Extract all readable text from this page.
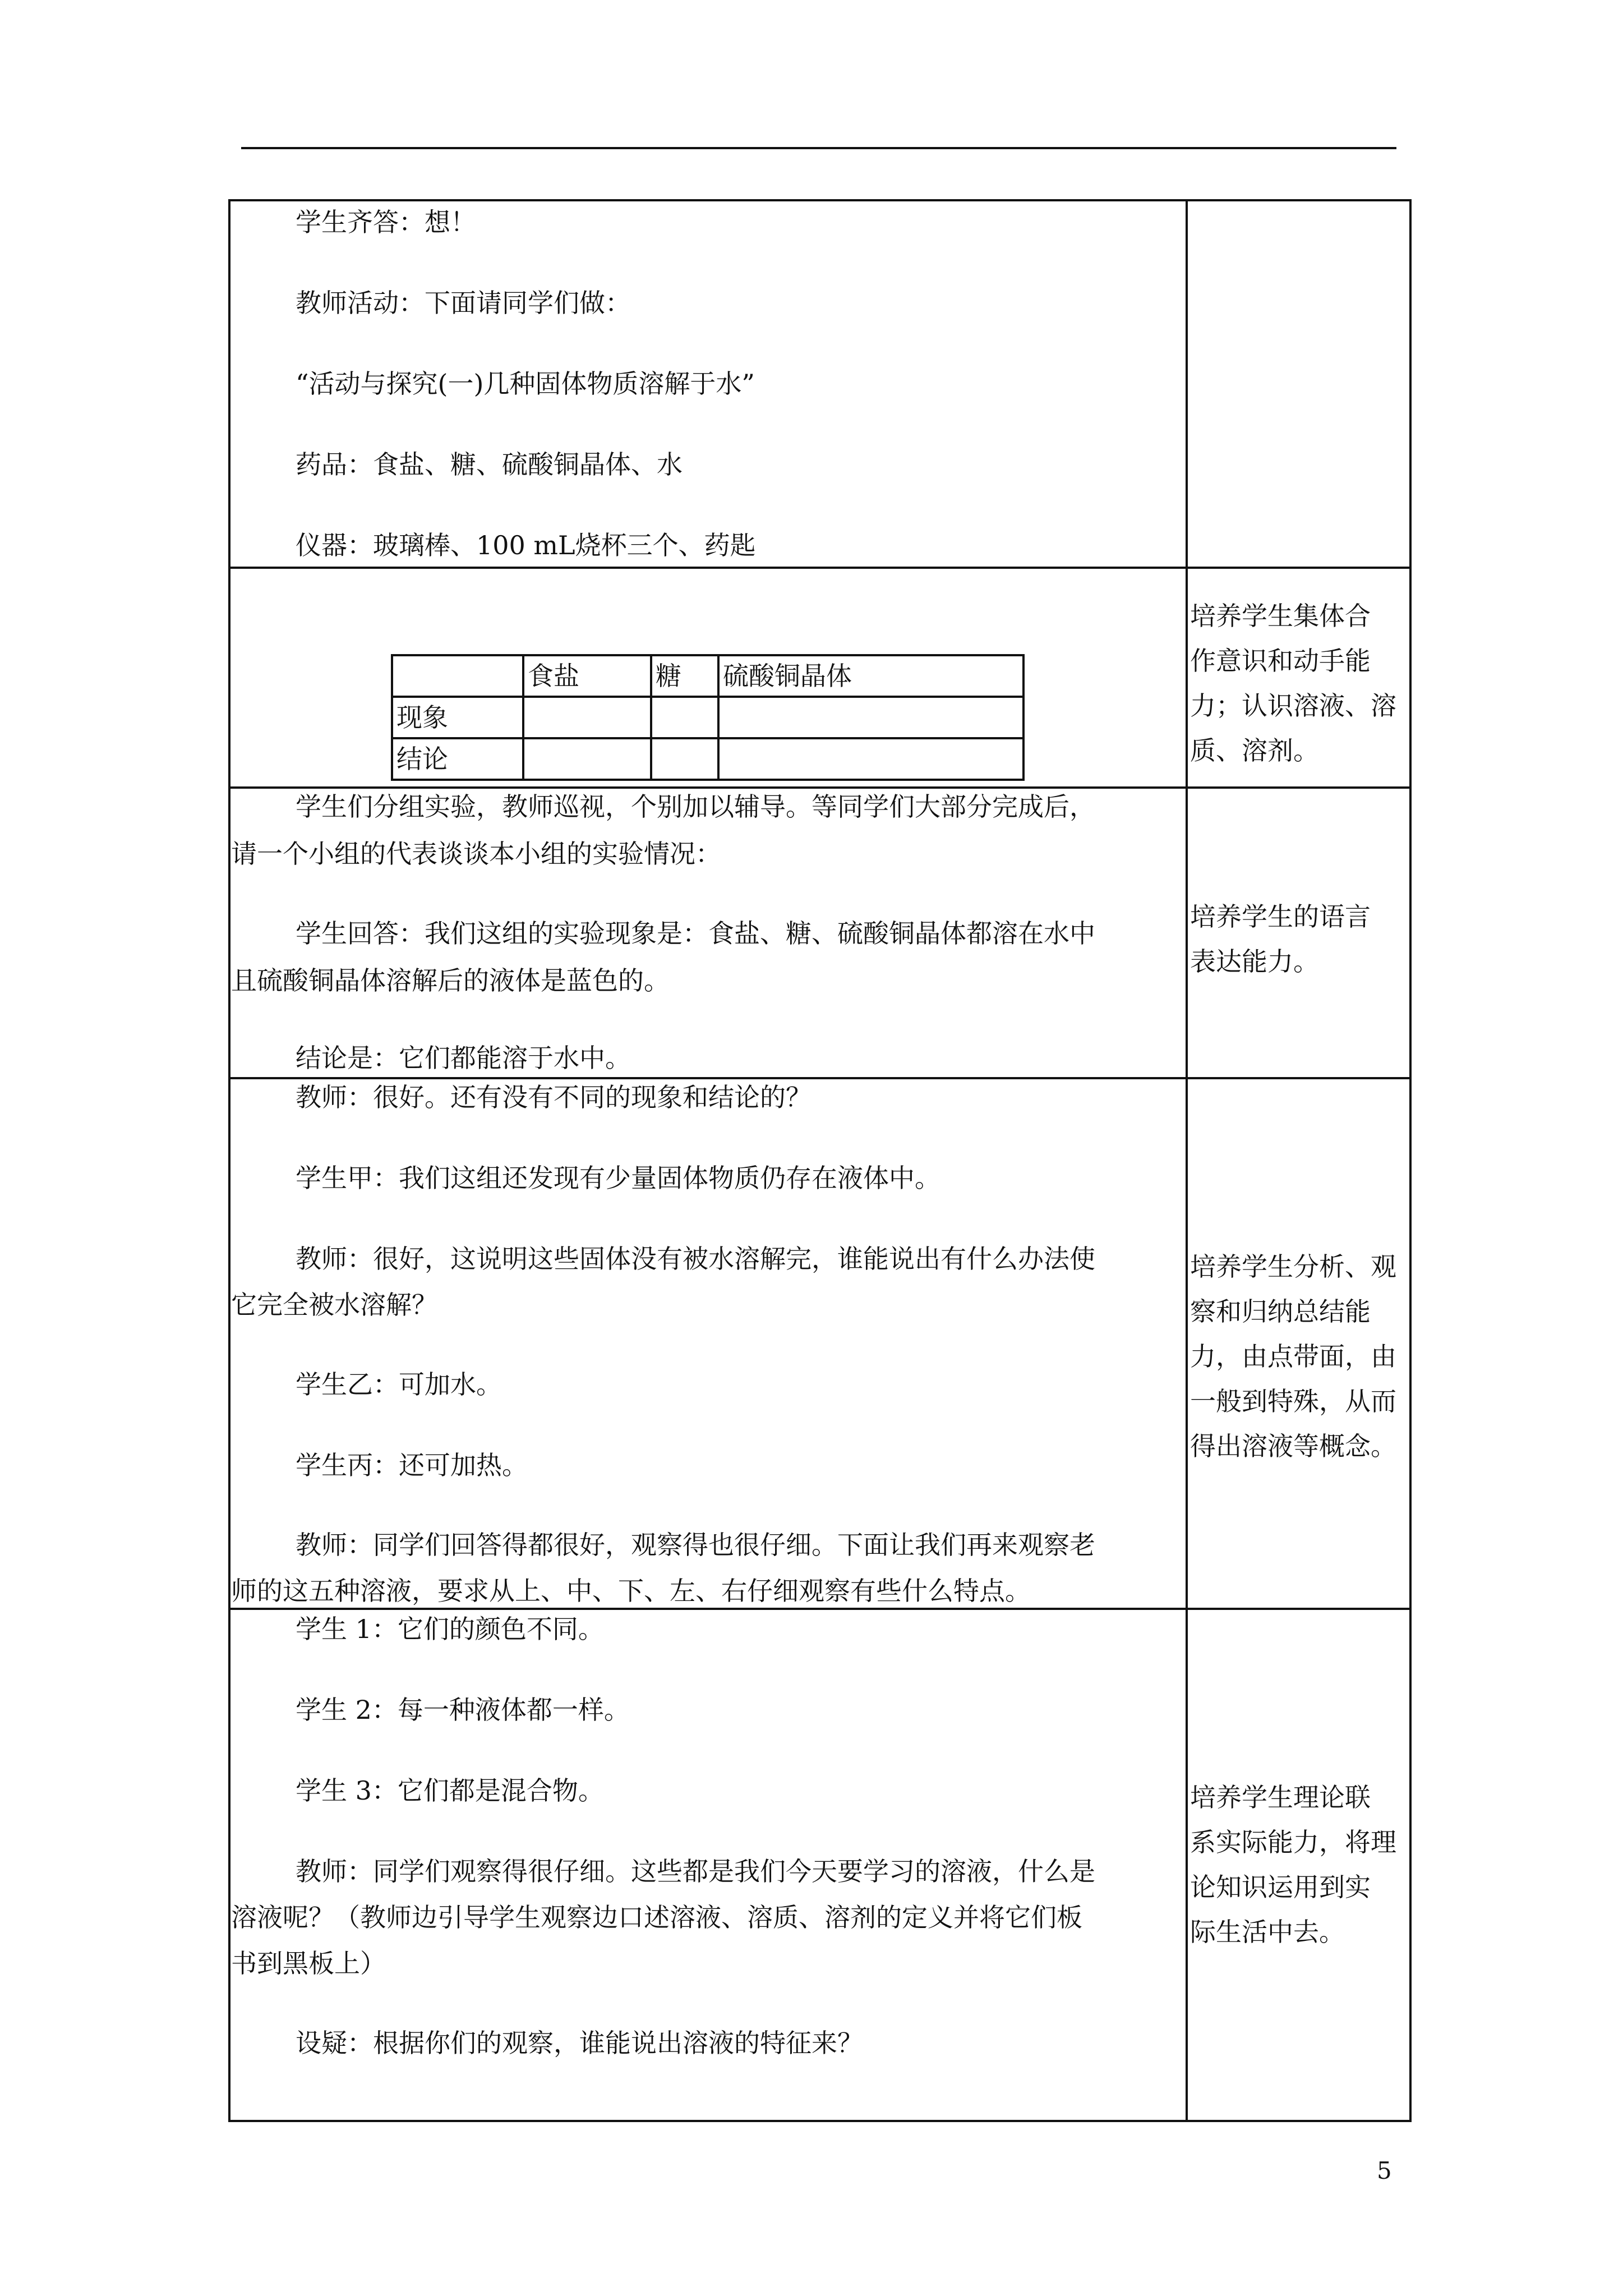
学生齐答：想！
教师活动：下面请同学们做：
“活动与探究(一)几种固体物质溶解于水”
药品：食盐、糖、硫酸铜晶体、水
仪器：玻璃棒、100 mL烧杯三个、药匙
	食盐	糖	硫酸铜晶体
现象			
结论			
培养学生集体合
作意识和动手能
力；认识溶液、溶
质、溶剂。
学生们分组实验，教师巡视，个别加以辅导。等同学们大部分完成后，
请一个小组的代表谈谈本小组的实验情况：
学生回答：我们这组的实验现象是：食盐、糖、硫酸铜晶体都溶在水中
且硫酸铜晶体溶解后的液体是蓝色的。
结论是：它们都能溶于水中。
培养学生的语言
表达能力。
教师：很好。还有没有不同的现象和结论的？
学生甲：我们这组还发现有少量固体物质仍存在液体中。
教师：很好，这说明这些固体没有被水溶解完，谁能说出有什么办法使
它完全被水溶解？
学生乙：可加水。
学生丙：还可加热。
教师：同学们回答得都很好，观察得也很仔细。下面让我们再来观察老
师的这五种溶液，要求从上、中、下、左、右仔细观察有些什么特点。
培养学生分析、观
察和归纳总结能
力，由点带面，由
一般到特殊，从而
得出溶液等概念。
学生 1：它们的颜色不同。
学生 2：每一种液体都一样。
学生 3：它们都是混合物。
教师：同学们观察得很仔细。这些都是我们今天要学习的溶液，什么是
溶液呢？（教师边引导学生观察边口述溶液、溶质、溶剂的定义并将它们板
书到黑板上）
设疑：根据你们的观察，谁能说出溶液的特征来？
培养学生理论联
系实际能力，将理
论知识运用到实
际生活中去。
5
